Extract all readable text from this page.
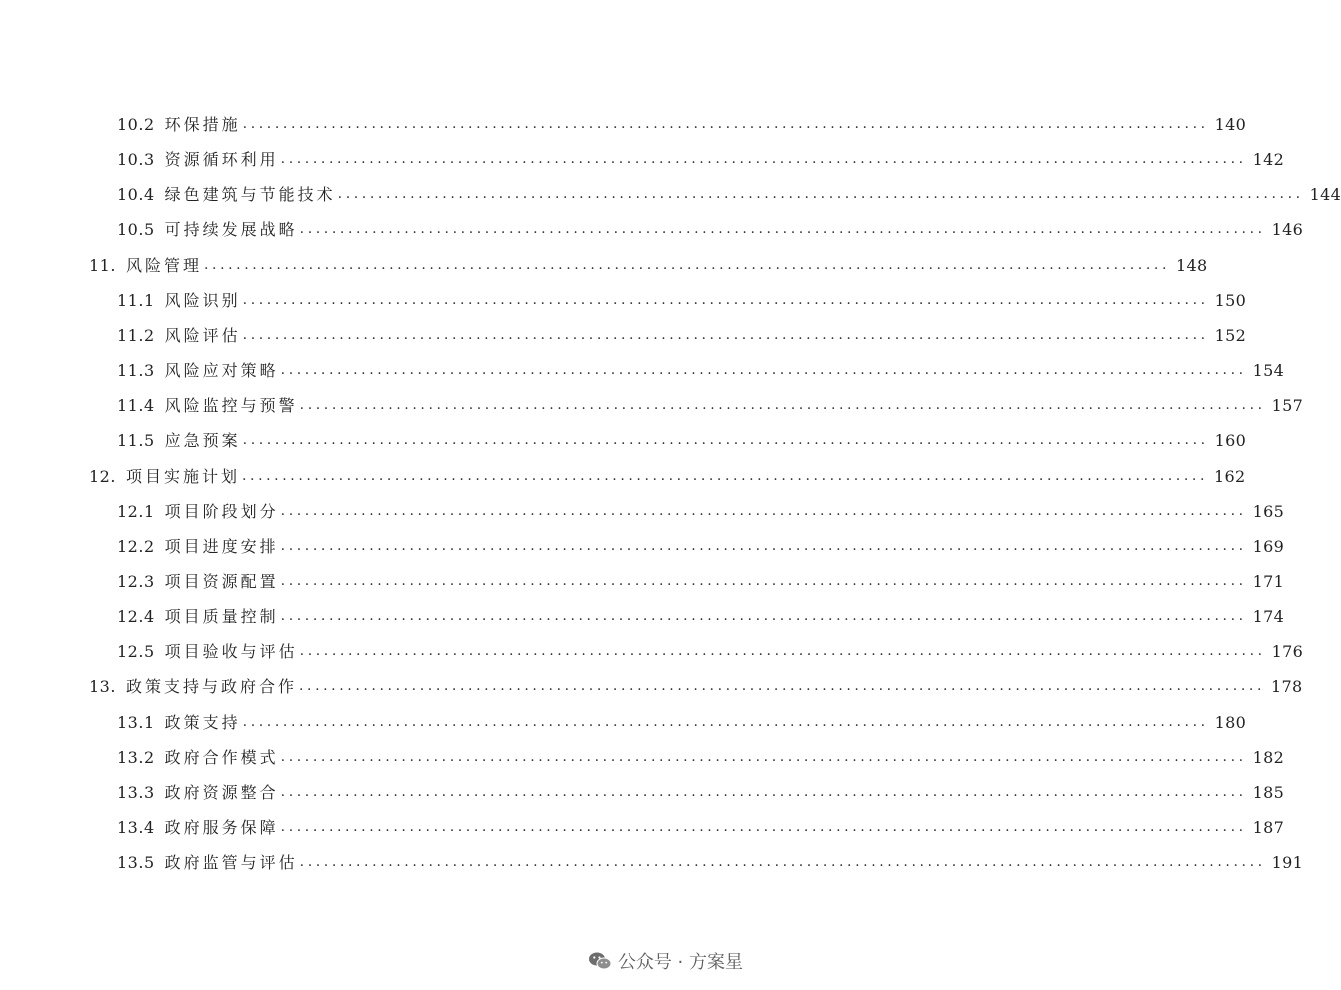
10.2 环保措施 ........................................................................................................................ 140
10.3 资源循环利用 ........................................................................................................................ 142
10.4 绿色建筑与节能技术 ........................................................................................................................ 144
10.5 可持续发展战略 ........................................................................................................................ 146
11. 风险管理 ........................................................................................................................ 148
11.1 风险识别 ........................................................................................................................ 150
11.2 风险评估 ........................................................................................................................ 152
11.3 风险应对策略 ........................................................................................................................ 154
11.4 风险监控与预警 ........................................................................................................................ 157
11.5 应急预案 ........................................................................................................................ 160
12. 项目实施计划 ........................................................................................................................ 162
12.1 项目阶段划分 ........................................................................................................................ 165
12.2 项目进度安排 ........................................................................................................................ 169
12.3 项目资源配置 ........................................................................................................................ 171
12.4 项目质量控制 ........................................................................................................................ 174
12.5 项目验收与评估 ........................................................................................................................ 176
13. 政策支持与政府合作 ........................................................................................................................ 178
13.1 政策支持 ........................................................................................................................ 180
13.2 政府合作模式 ........................................................................................................................ 182
13.3 政府资源整合 ........................................................................................................................ 185
13.4 政府服务保障 ........................................................................................................................ 187
13.5 政府监管与评估 ........................................................................................................................ 191
公众号 · 方案星
